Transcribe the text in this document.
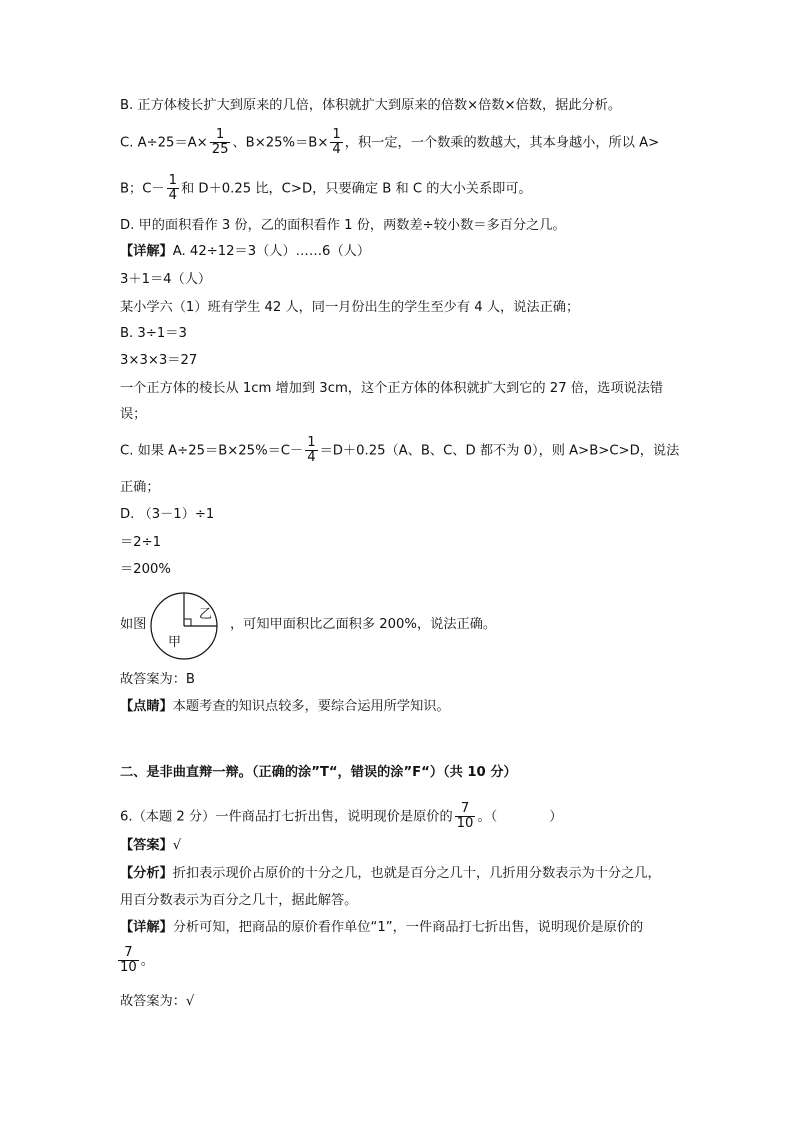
B. 正方体棱长扩大到原来的几倍，体积就扩大到原来的倍数×倍数×倍数，据此分析。
C. $A\div 25=A\times \frac{1}{25}$ 、$B\times 25\%=B\times \frac{1}{4}$ ，积一定，一个数乘的数越大，其本身越小，所以 A>
B；$C- \frac{1}{4}$ 和 D＋0.25 比，C>D，只要确定 B 和 C 的大小关系即可。
D. 甲的面积看作 3 份，乙的面积看作 1 份，两数差÷较小数＝多百分之几。
【详解】A. 42÷12＝3（人）……6（人）
3＋1＝4（人）
某小学六（1）班有学生 42 人，同一月份出生的学生至少有 4 人，说法正确；
B. 3÷1＝3
3×3×3＝27
一个正方体的棱长从 1cm 增加到 3cm，这个正方体的体积就扩大到它的 27 倍，选项说法错
误；
C. 如果 $A\div 25=B\times 25\%=C- \frac{1}{4} =D+0.25(A$、B、C、D 都不为 0），则 A>B>C>D，说法
正确；
D. （3－1）÷1
＝2÷1
＝200%
如图
乙
甲
，可知甲面积比乙面积多 200%，说法正确。
故答案为：B
【点睛】本题考查的知识点较多，要综合运用所学知识。
二、是非曲直辩一辩。（正确的涂”T“，错误的涂”F“）（共 10 分）
6.（本题 2 分）一件商品打七折出售，说明现价是原价的 $\frac{7}{10}$ 。（	）
【答案】√
【分析】折扣表示现价占原价的十分之几，也就是百分之几十，几折用分数表示为十分之几，
用百分数表示为百分之几十，据此解答。
【详解】分析可知，把商品的原价看作单位“1”，一件商品打七折出售，说明现价是原价的
$\frac{7}{10}$ 。
故答案为：√
